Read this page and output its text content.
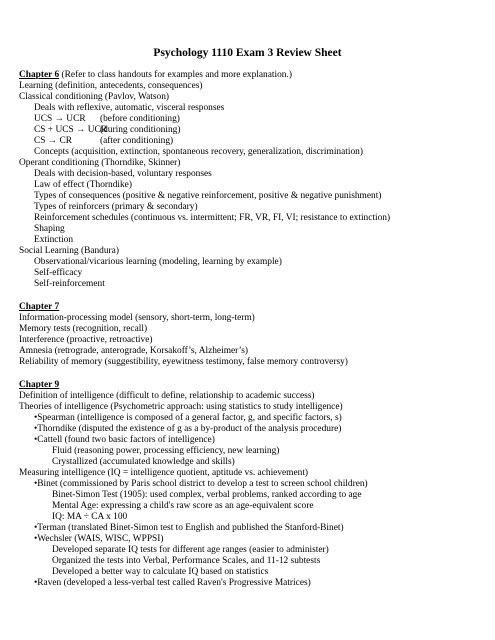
Psychology 1110 Exam 3 Review Sheet
Chapter 6 (Refer to class handouts for examples and more explanation.)
Learning (definition, antecedents, consequences)
Classical conditioning (Pavlov, Watson)
Deals with reflexive, automatic, visceral responses
UCS → UCR (before conditioning)
CS + UCS → UCR(during conditioning)
CS → CR	(after conditioning)
Concepts (acquisition, extinction, spontaneous recovery, generalization, discrimination)
Operant conditioning (Thorndike, Skinner)
Deals with decision-based, voluntary responses
Law of effect (Thorndike)
Types of consequences (positive & negative reinforcement, positive & negative punishment)
Types of reinforcers (primary & secondary)
Reinforcement schedules (continuous vs. intermittent; FR, VR, FI, VI; resistance to extinction)
Shaping
Extinction
Social Learning (Bandura)
Observational/vicarious learning (modeling, learning by example)
Self-efficacy
Self-reinforcement
Chapter 7
Information-processing model (sensory, short-term, long-term)
Memory tests (recognition, recall)
Interference (proactive, retroactive)
Amnesia (retrograde, anterograde, Korsakoff’s, Alzheimer’s)
Reliability of memory (suggestibility, eyewitness testimony, false memory controversy)
Chapter 9
Definition of intelligence (difficult to define, relationship to academic success)
Theories of intelligence (Psychometric approach: using statistics to study intelligence)
•Spearman (intelligence is composed of a general factor, g, and specific factors, s)
•Thorndike (disputed the existence of g as a by-product of the analysis procedure)
•Cattell (found two basic factors of intelligence)
Fluid (reasoning power, processing efficiency, new learning)
Crystallized (accumulated knowledge and skills)
Measuring intelligence (IQ = intelligence quotient, aptitude vs. achievement)
•Binet (commissioned by Paris school district to develop a test to screen school children)
Binet-Simon Test (1905): used complex, verbal problems, ranked according to age
Mental Age: expressing a child's raw score as an age-equivalent score
IQ: MA ÷ CA x 100
•Terman (translated Binet-Simon test to English and published the Stanford-Binet)
•Wechsler (WAIS, WISC, WPPSI)
Developed separate IQ tests for different age ranges (easier to administer)
Organized the tests into Verbal, Performance Scales, and 11-12 subtests
Developed a better way to calculate IQ based on statistics
•Raven (developed a less-verbal test called Raven's Progressive Matrices)
